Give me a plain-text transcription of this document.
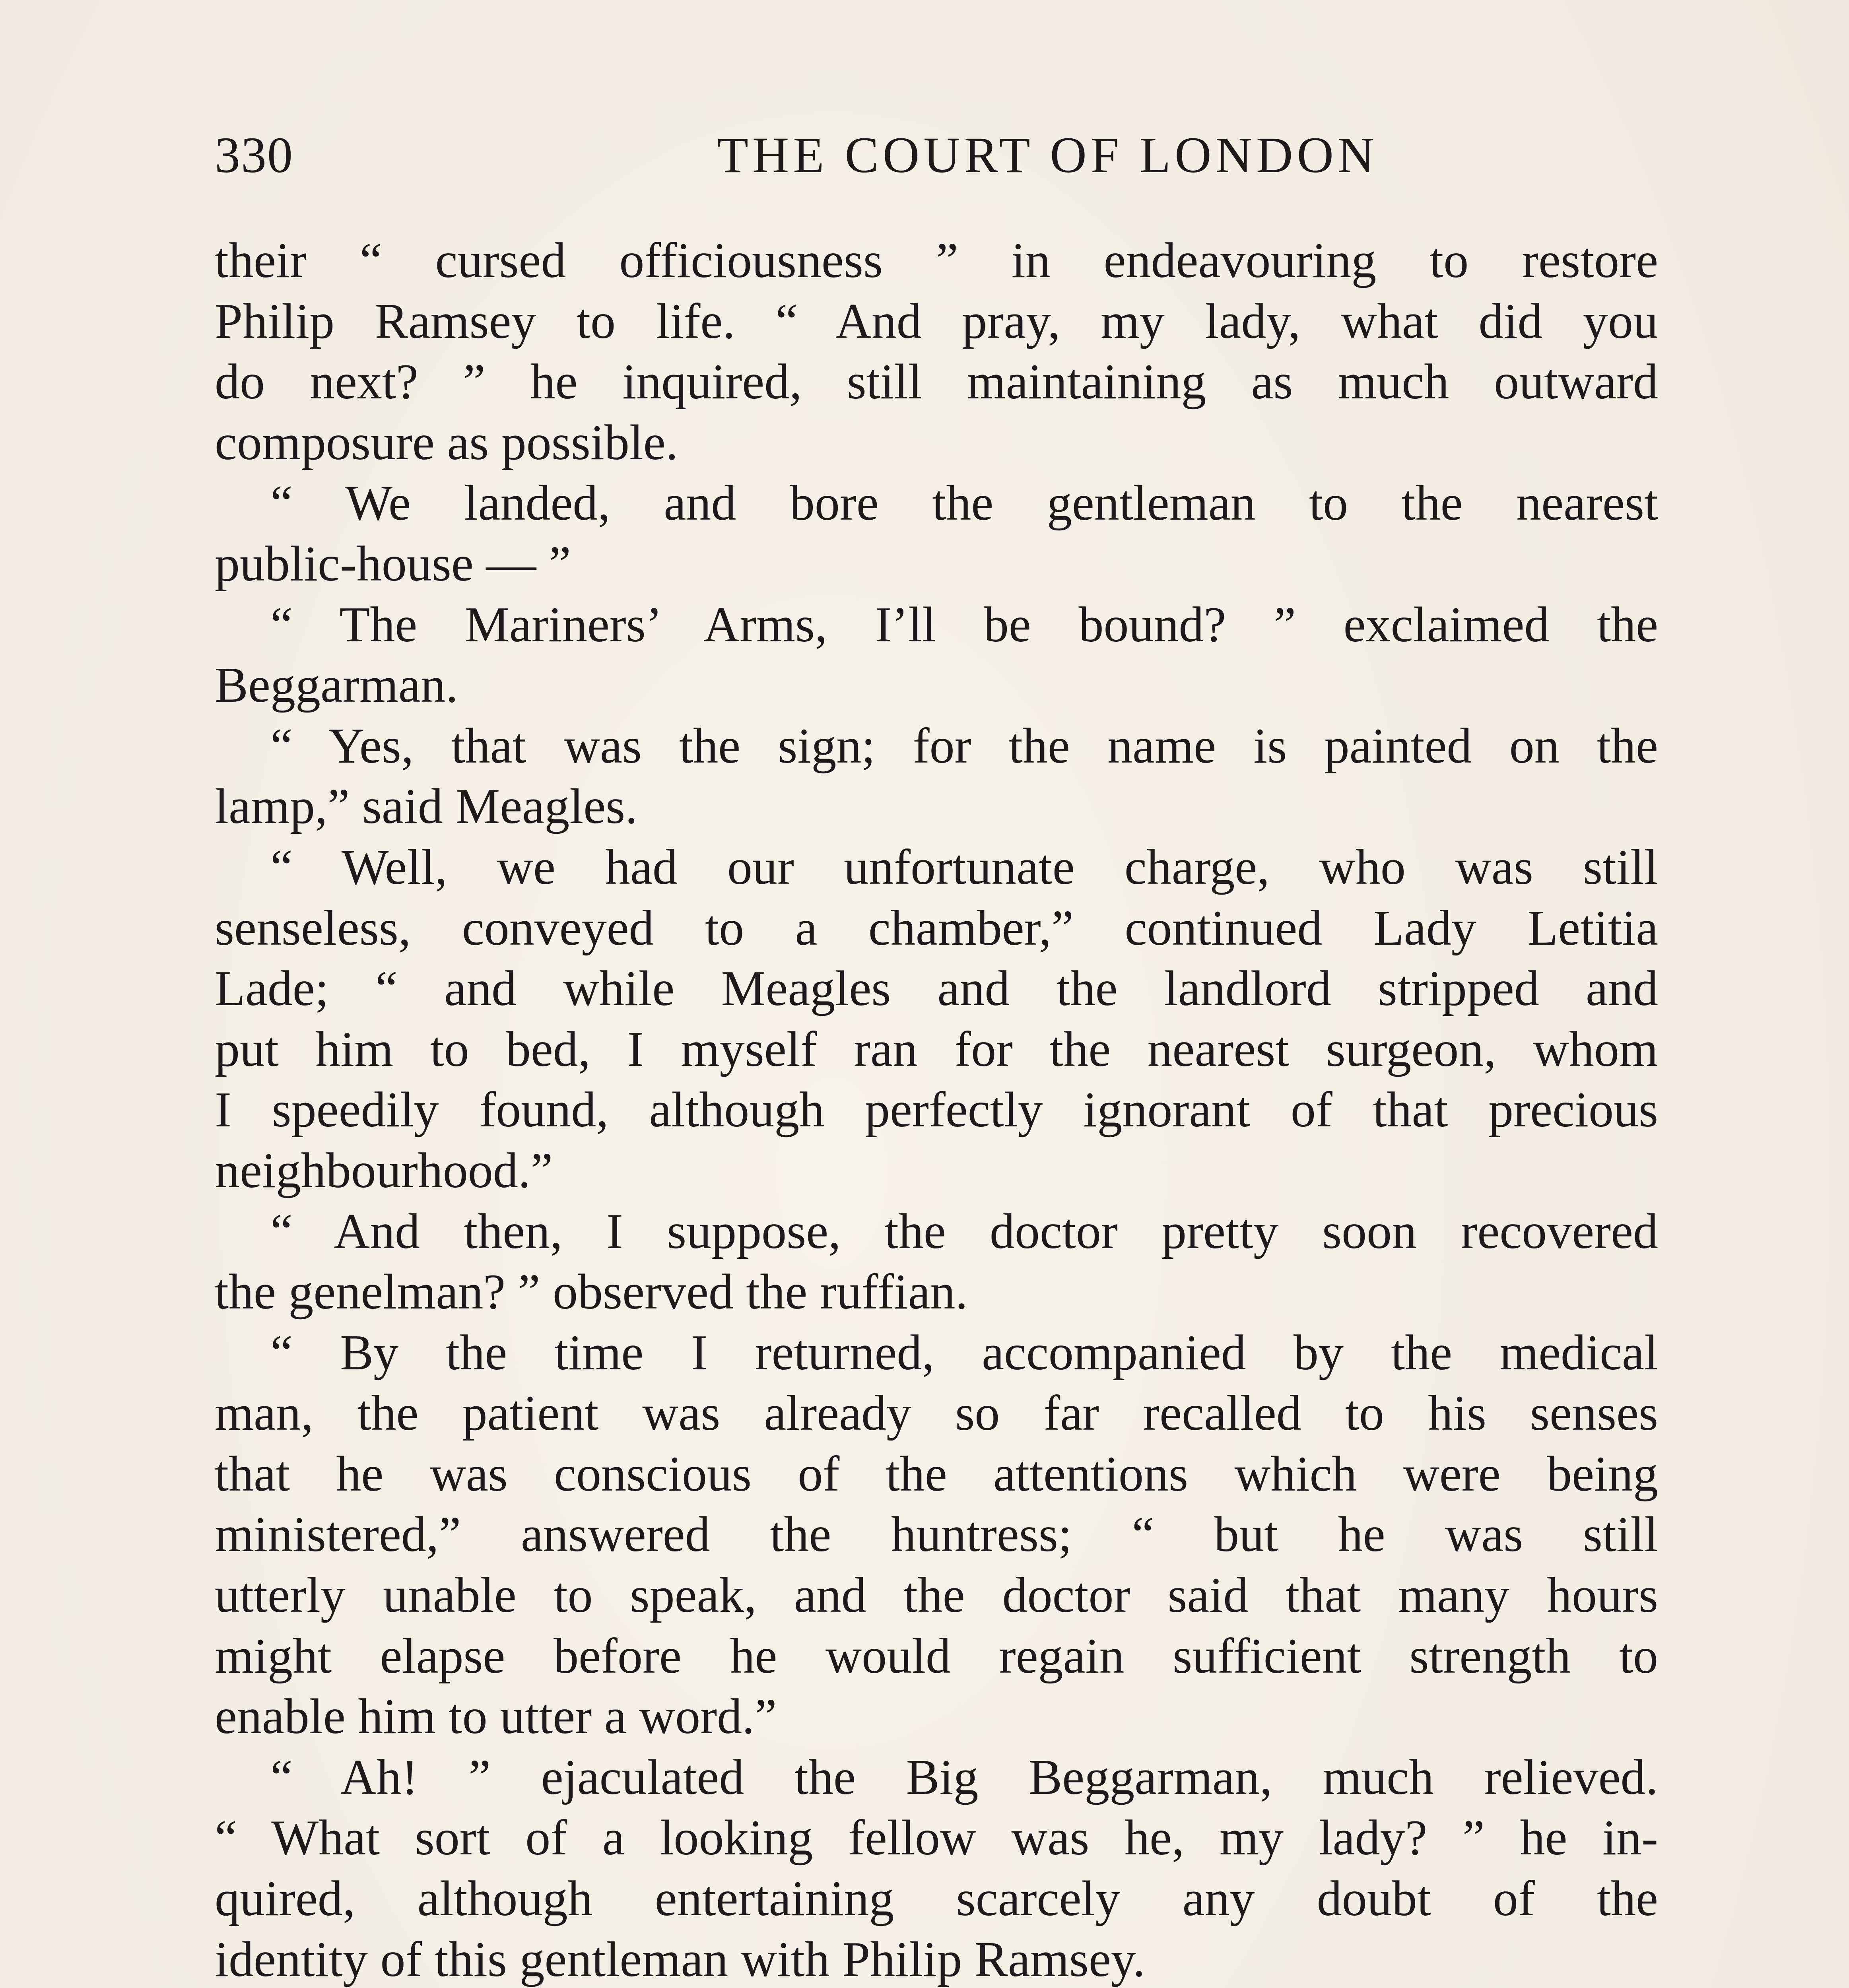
330	THE COURT OF LONDON
their “ cursed officiousness ” in endeavouring to restore
Philip Ramsey to life. “ And pray, my lady, what did you
do next? ” he inquired, still maintaining as much outward
composure as possible.
“ We landed, and bore the gentleman to the nearest
public-house — ”
“ The Mariners’ Arms, I’ll be bound? ” exclaimed the
Beggarman.
“ Yes, that was the sign; for the name is painted on the
lamp,” said Meagles.
“ Well, we had our unfortunate charge, who was still
senseless, conveyed to a chamber,” continued Lady Letitia
Lade; “ and while Meagles and the landlord stripped and
put him to bed, I myself ran for the nearest surgeon, whom
I speedily found, although perfectly ignorant of that precious
neighbourhood.”
“ And then, I suppose, the doctor pretty soon recovered
the genelman? ” observed the ruffian.
“ By the time I returned, accompanied by the medical
man, the patient was already so far recalled to his senses
that he was conscious of the attentions which were being
ministered,” answered the huntress; “ but he was still
utterly unable to speak, and the doctor said that many hours
might elapse before he would regain sufficient strength to
enable him to utter a word.”
“ Ah! ” ejaculated the Big Beggarman, much relieved.
“ What sort of a looking fellow was he, my lady? ” he in-
quired, although entertaining scarcely any doubt of the
identity of this gentleman with Philip Ramsey.
